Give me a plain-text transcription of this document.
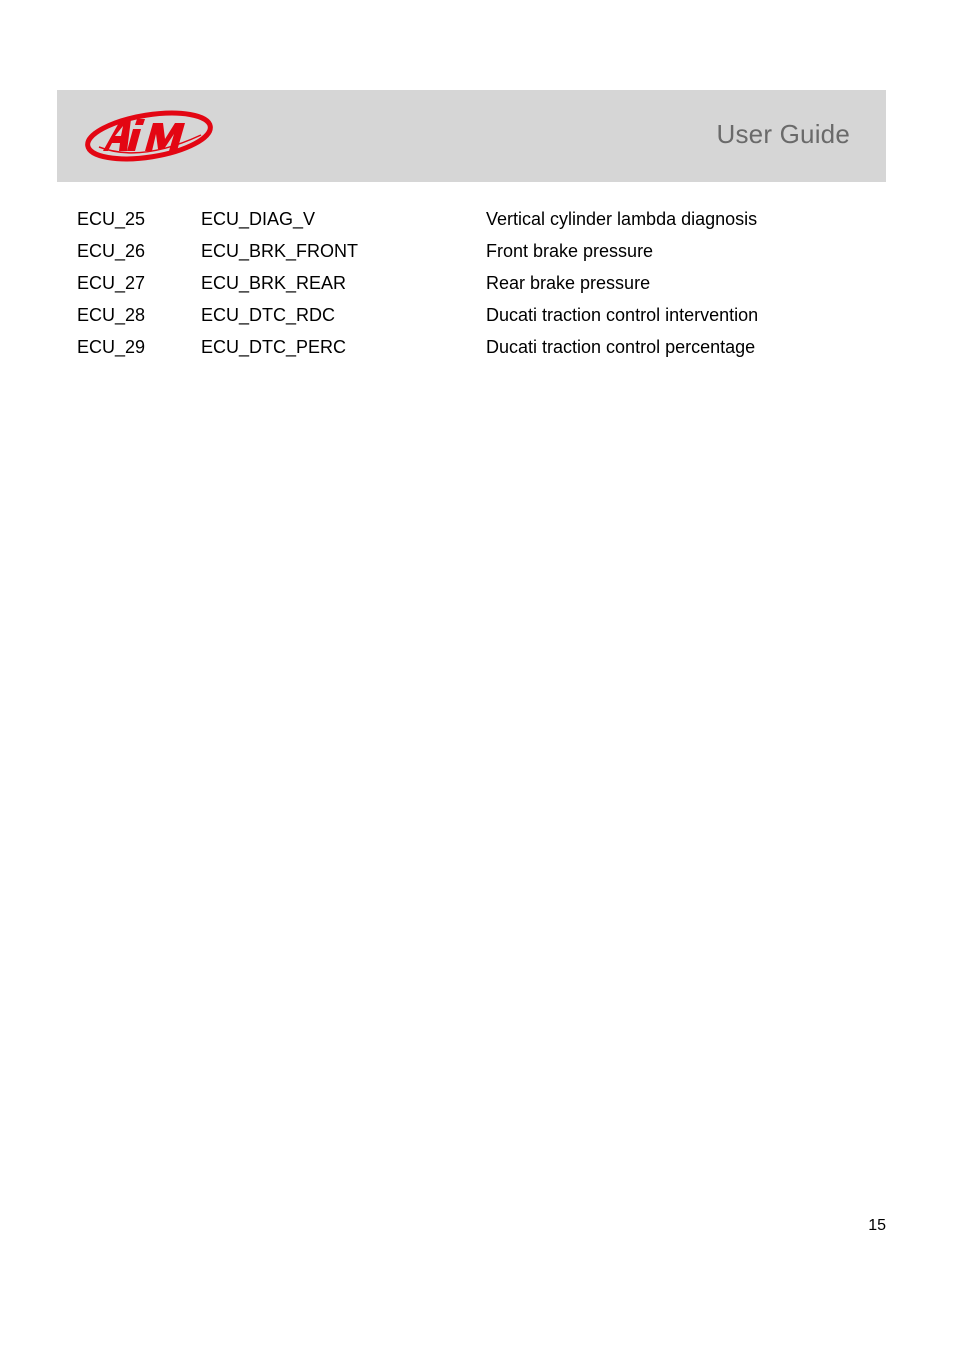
User Guide
ECU_25	ECU_DIAG_V	Vertical cylinder lambda diagnosis
ECU_26	ECU_BRK_FRONT	Front brake pressure
ECU_27	ECU_BRK_REAR	Rear brake pressure
ECU_28	ECU_DTC_RDC	Ducati traction control intervention
ECU_29	ECU_DTC_PERC	Ducati traction control percentage
15
